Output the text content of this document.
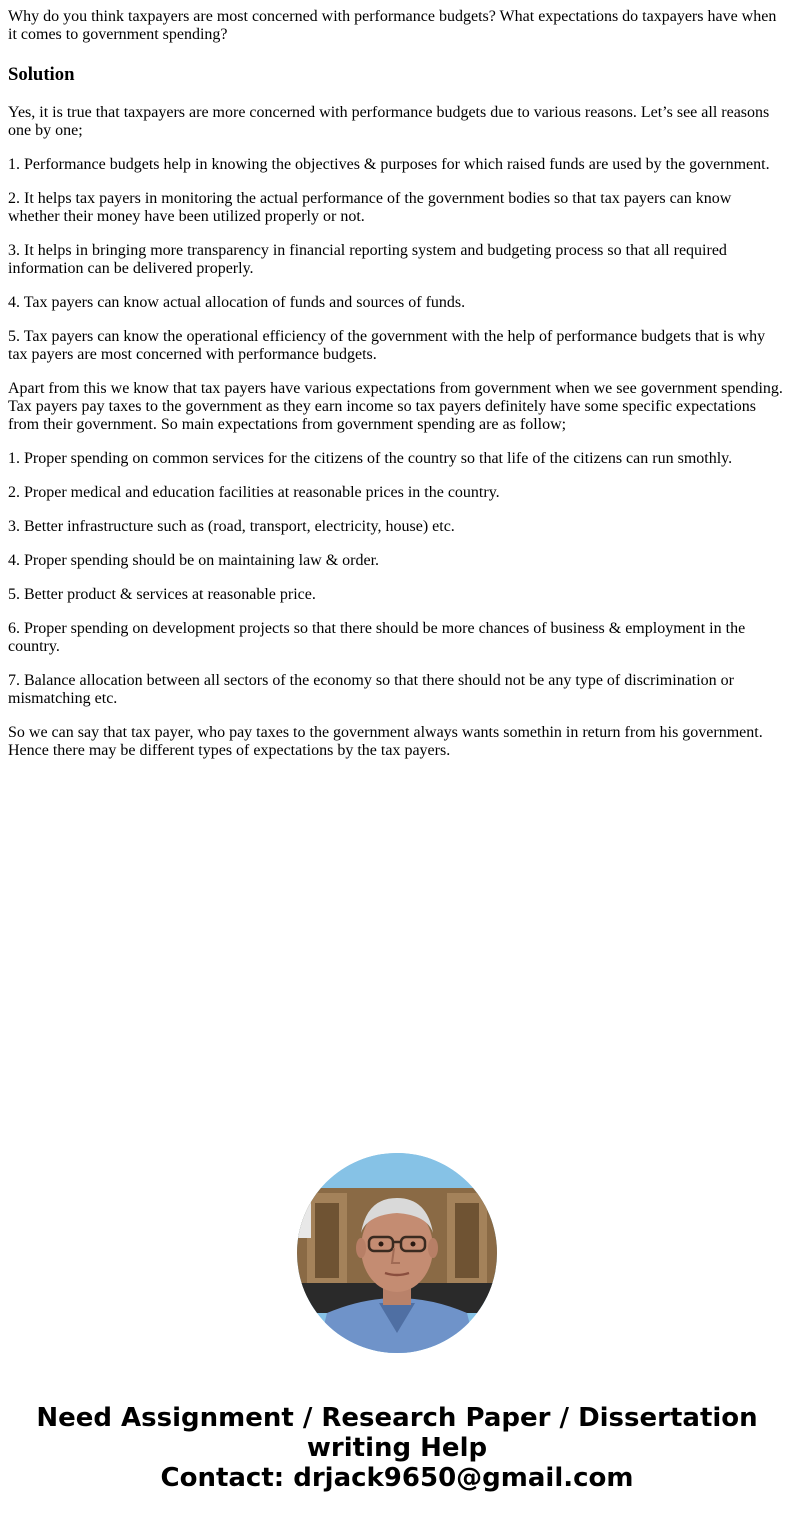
Why do you think taxpayers are most concerned with performance budgets? What expectations do taxpayers have when it comes to government spending?
Solution

Yes, it is true that taxpayers are more concerned with performance budgets due to various reasons. Let’s see all reasons one by one;

1. Performance budgets help in knowing the objectives & purposes for which raised funds are used by the government.

2. It helps tax payers in monitoring the actual performance of the government bodies so that tax payers can know whether their money have been utilized properly or not.

3. It helps in bringing more transparency in financial reporting system and budgeting process so that all required information can be delivered properly.

4. Tax payers can know actual allocation of funds and sources of funds.

5. Tax payers can know the operational efficiency of the government with the help of performance budgets that is why tax payers are most concerned with performance budgets.

Apart from this we know that tax payers have various expectations from government when we see government spending. Tax payers pay taxes to the government as they earn income so tax payers definitely have some specific expectations from their government. So main expectations from government spending are as follow;

1. Proper spending on common services for the citizens of the country so that life of the citizens can run smothly.

2. Proper medical and education facilities at reasonable prices in the country.

3. Better infrastructure such as (road, transport, electricity, house) etc.

4. Proper spending should be on maintaining law & order.

5. Better product & services at reasonable price.

6. Proper spending on development projects so that there should be more chances of business & employment in the country.

7. Balance allocation between all sectors of the economy so that there should not be any type of discrimination or mismatching etc.

So we can say that tax payer, who pay taxes to the government always wants somethin in return from his government. Hence there may be different types of expectations by the tax payers.

Need Assignment / Research Paper / Dissertation
writing Help
Contact: drjack9650@gmail.com
